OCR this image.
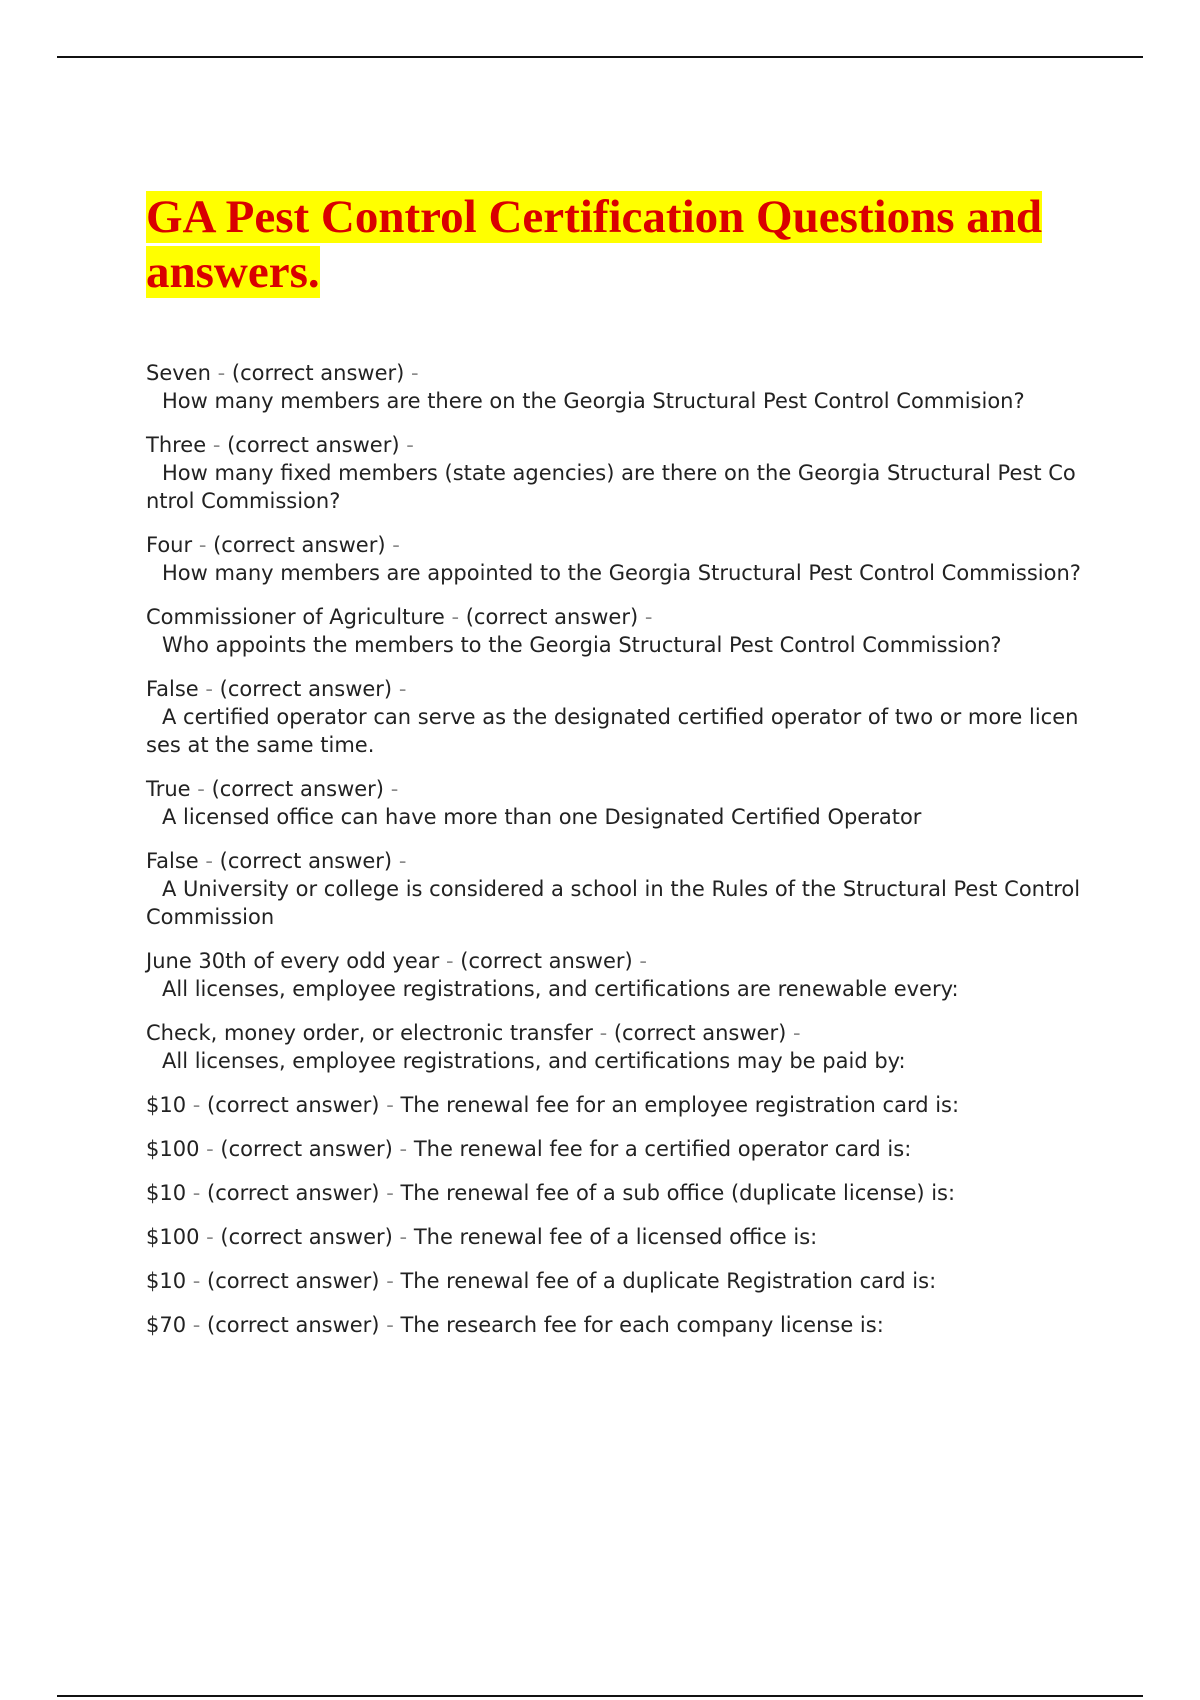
GA Pest Control Certification Questions and answers.

Seven - (correct answer) -
How many members are there on the Georgia Structural Pest Control Commision?

Three - (correct answer) -
How many fixed members (state agencies) are there on the Georgia Structural Pest Control Commission?

Four - (correct answer) -
How many members are appointed to the Georgia Structural Pest Control Commission?

Commissioner of Agriculture - (correct answer) -
Who appoints the members to the Georgia Structural Pest Control Commission?

False - (correct answer) -
A certified operator can serve as the designated certified operator of two or more licenses at the same time.

True - (correct answer) -
A licensed office can have more than one Designated Certified Operator

False - (correct answer) -
A University or college is considered a school in the Rules of the Structural Pest Control Commission

June 30th of every odd year - (correct answer) -
All licenses, employee registrations, and certifications are renewable every:

Check, money order, or electronic transfer - (correct answer) -
All licenses, employee registrations, and certifications may be paid by:

$10 - (correct answer) - The renewal fee for an employee registration card is:

$100 - (correct answer) - The renewal fee for a certified operator card is:

$10 - (correct answer) - The renewal fee of a sub office (duplicate license) is:

$100 - (correct answer) - The renewal fee of a licensed office is:

$10 - (correct answer) - The renewal fee of a duplicate Registration card is:

$70 - (correct answer) - The research fee for each company license is:
